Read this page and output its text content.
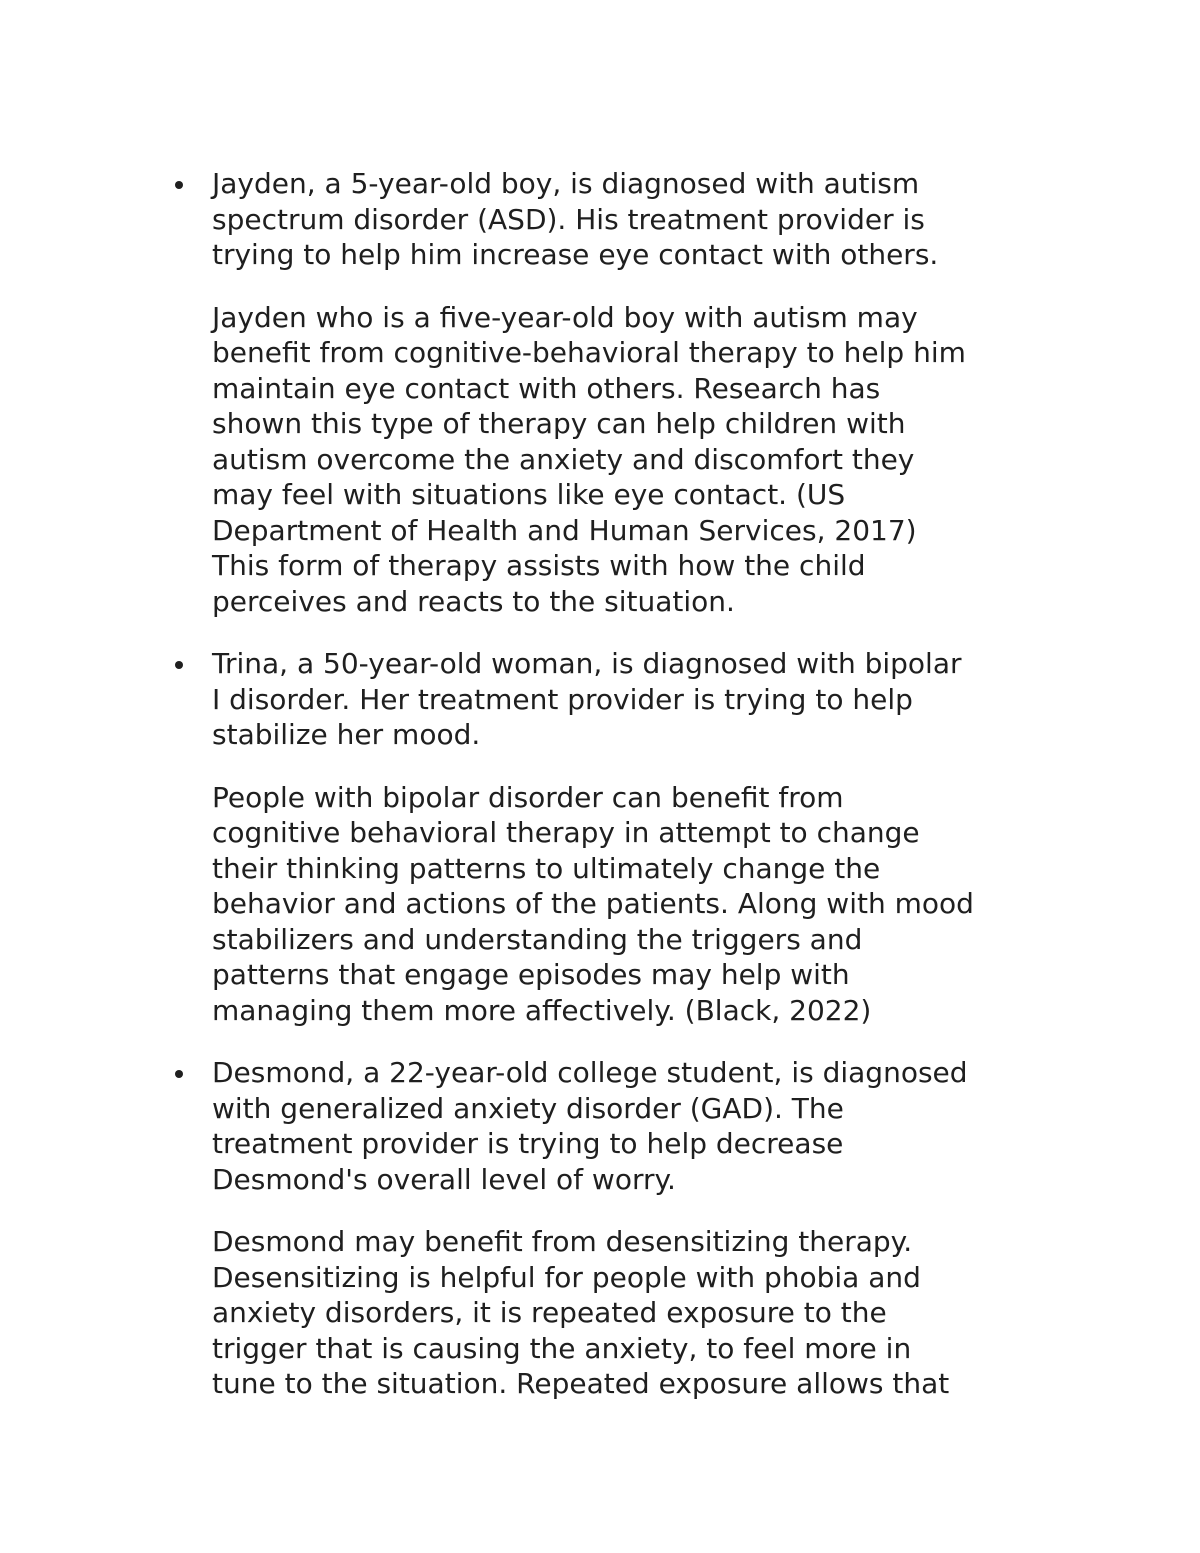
Jayden, a 5-year-old boy, is diagnosed with autism
spectrum disorder (ASD). His treatment provider is
trying to help him increase eye contact with others.
Jayden who is a five-year-old boy with autism may
benefit from cognitive-behavioral therapy to help him
maintain eye contact with others. Research has
shown this type of therapy can help children with
autism overcome the anxiety and discomfort they
may feel with situations like eye contact. (US
Department of Health and Human Services, 2017)
This form of therapy assists with how the child
perceives and reacts to the situation.
Trina, a 50-year-old woman, is diagnosed with bipolar
I disorder. Her treatment provider is trying to help
stabilize her mood.
People with bipolar disorder can benefit from
cognitive behavioral therapy in attempt to change
their thinking patterns to ultimately change the
behavior and actions of the patients. Along with mood
stabilizers and understanding the triggers and
patterns that engage episodes may help with
managing them more affectively. (Black, 2022)
Desmond, a 22-year-old college student, is diagnosed
with generalized anxiety disorder (GAD). The
treatment provider is trying to help decrease
Desmond's overall level of worry.
Desmond may benefit from desensitizing therapy.
Desensitizing is helpful for people with phobia and
anxiety disorders, it is repeated exposure to the
trigger that is causing the anxiety, to feel more in
tune to the situation. Repeated exposure allows that
